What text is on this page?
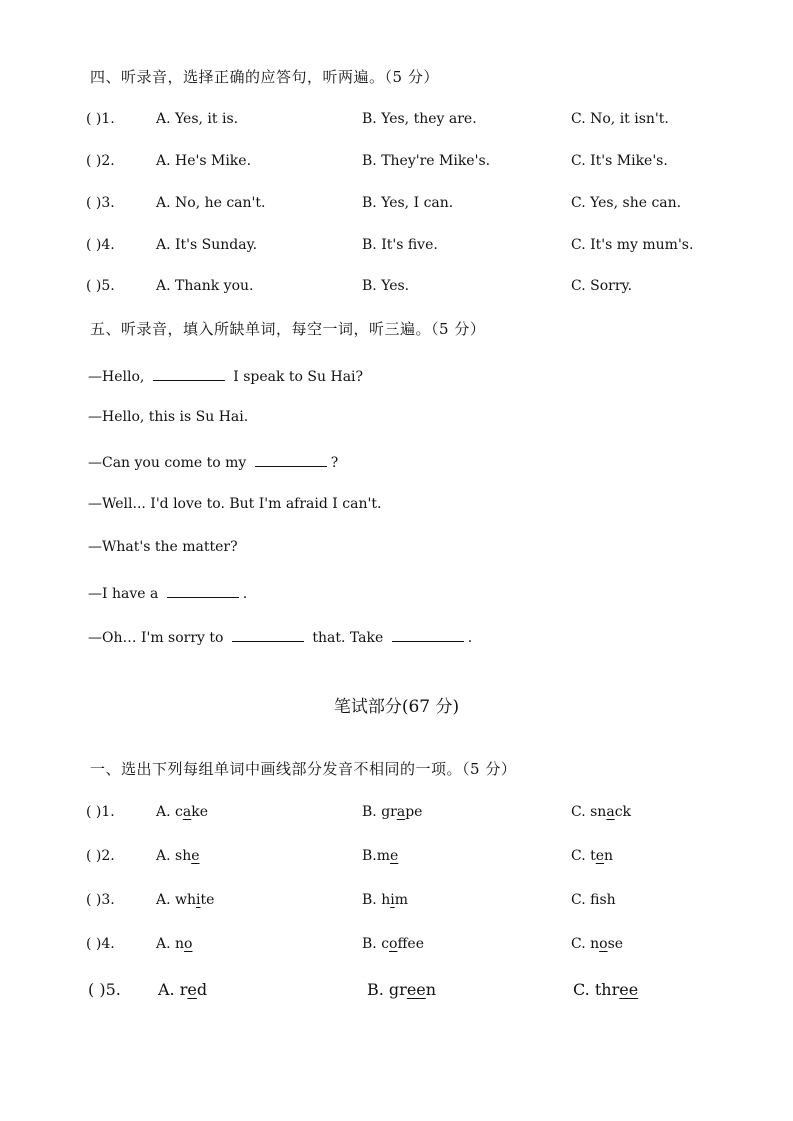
四、听录音，选择正确的应答句，听两遍。（5 分）
( )1.	A. Yes, it is.	B. Yes, they are.	C. No, it isn't.
( )2.	A. He's Mike.	B. They're Mike's.	C. It's Mike's.
( )3.	A. No, he can't.	B. Yes, I can.	C. Yes, she can.
( )4.	A. It's Sunday.	B. It's five.	C. It's my mum's.
( )5.	A. Thank you.	B. Yes.	C. Sorry.
五、听录音，填入所缺单词，每空一词，听三遍。（5 分）
—Hello,	I speak to Su Hai?
—Hello, this is Su Hai.
—Can you come to my	?
—Well... I'd love to. But I'm afraid I can't.
—What's the matter?
—I have a	.
—Oh… I'm sorry to	that. Take	.
笔试部分(67 分)
一、选出下列每组单词中画线部分发音不相同的一项。（5 分）
( )1.	A. cake	B. grape	C. snack
( )2.	A. she	B.me	C. ten
( )3.	A. white	B. him	C. fsh
( )4.	A. no	B. coffee	C. nose
( )5. A. red	B. green	C. three
